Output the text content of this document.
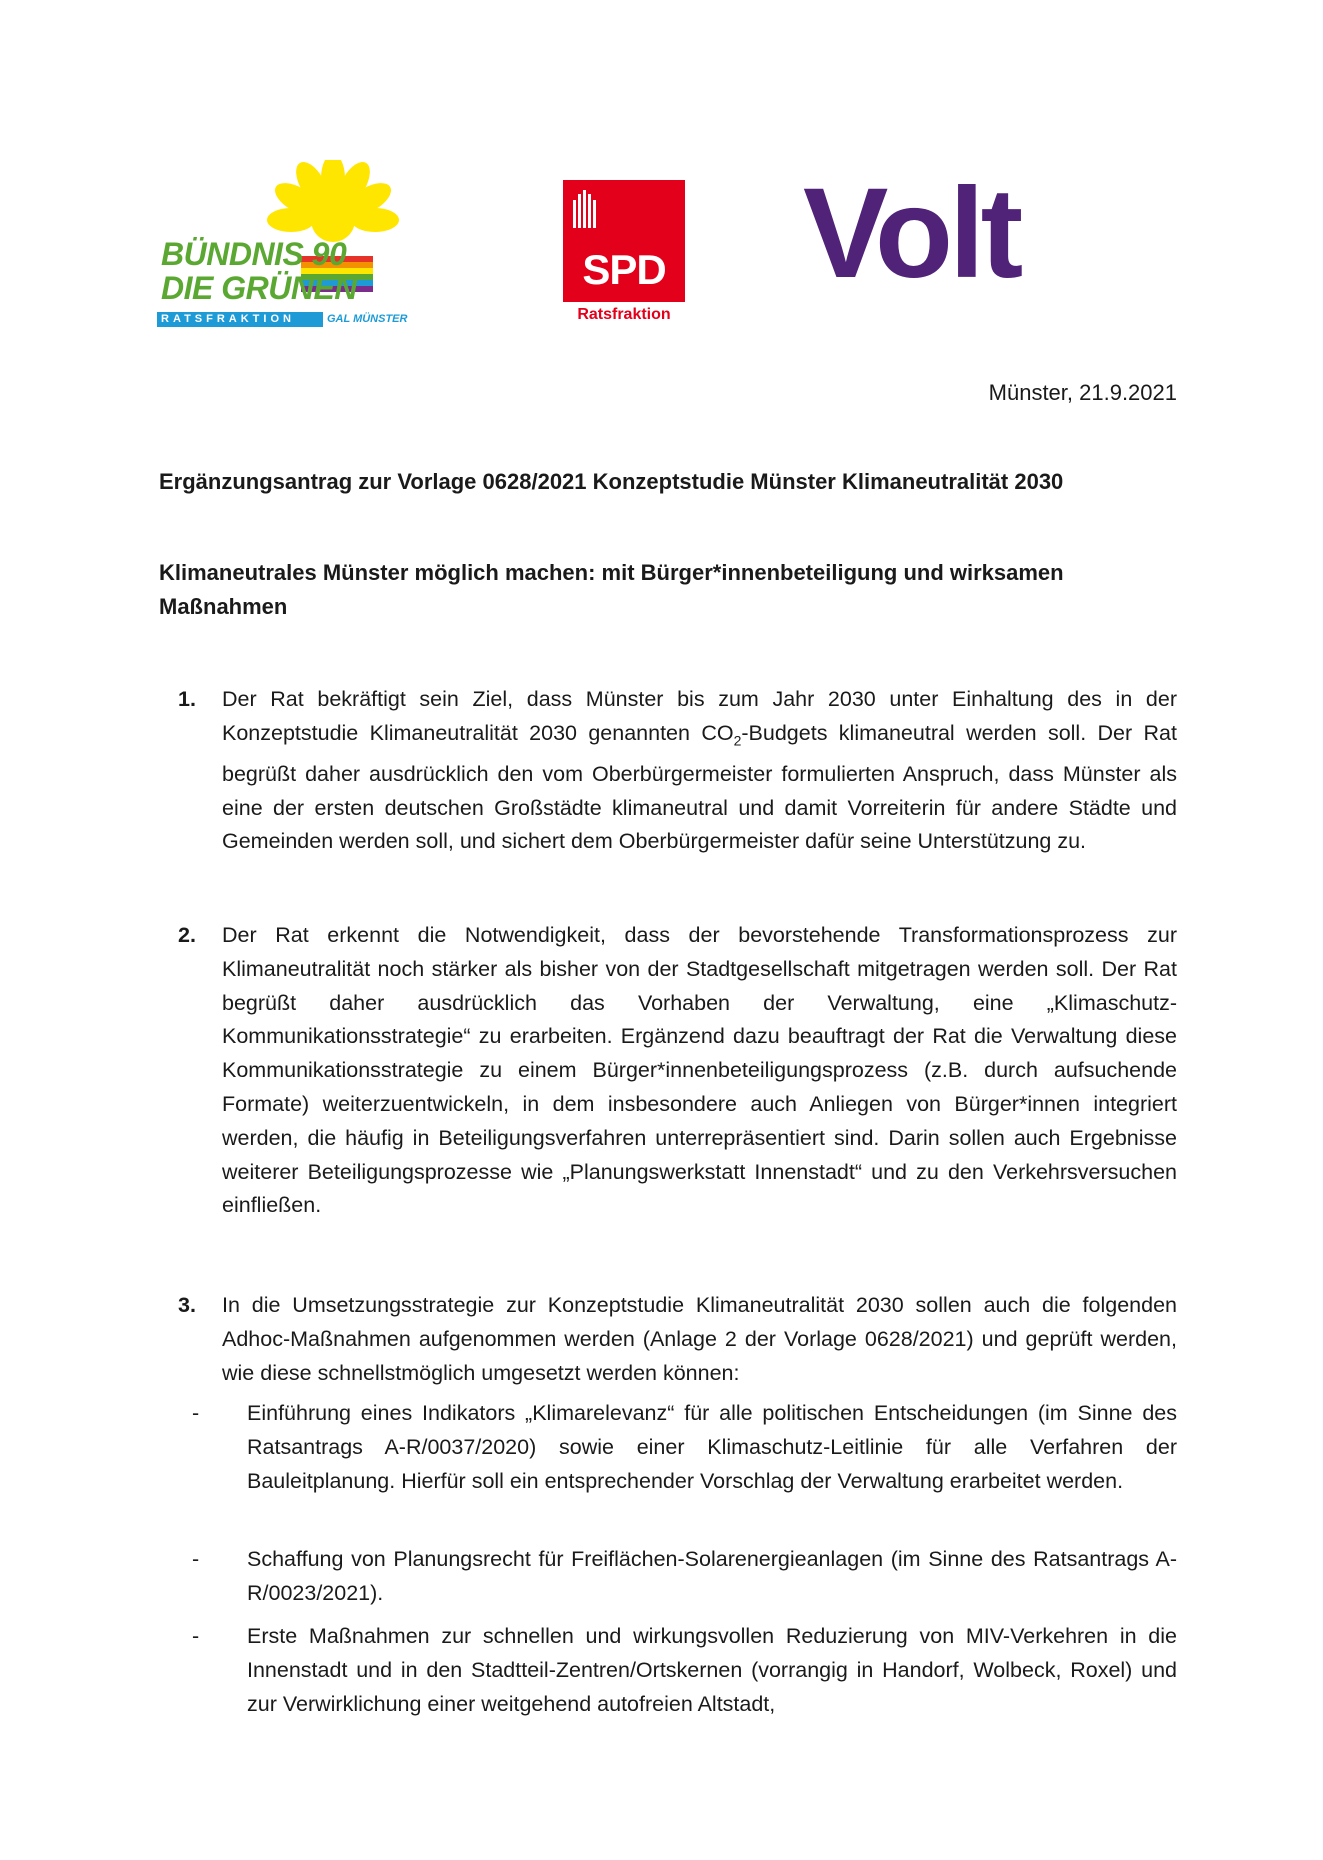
BÜNDNIS 90
DIE GRÜNEN
RATSFRAKTION	GAL MÜNSTER
SPD
Ratsfraktion
Volt
Münster, 21.9.2021
Ergänzungsantrag zur Vorlage 0628/2021 Konzeptstudie Münster Klimaneutralität 2030
Klimaneutrales Münster möglich machen: mit Bürger*innenbeteiligung und wirksamen Maßnahmen
1. Der Rat bekräftigt sein Ziel, dass Münster bis zum Jahr 2030 unter Einhaltung des in der Konzeptstudie Klimaneutralität 2030 genannten $CO_2$-Budgets klimaneutral werden soll. Der Rat begrüßt daher ausdrücklich den vom Oberbürgermeister formulierten Anspruch, dass Münster als eine der ersten deutschen Großstädte klimaneutral und damit Vorreiterin für andere Städte und Gemeinden werden soll, und sichert dem Oberbürgermeister dafür seine Unterstützung zu.
2. Der Rat erkennt die Notwendigkeit, dass der bevorstehende Transformationsprozess zur Klimaneutralität noch stärker als bisher von der Stadtgesellschaft mitgetragen werden soll. Der Rat begrüßt daher ausdrücklich das Vorhaben der Verwaltung, eine „Klimaschutz-Kommunikationsstrategie“ zu erarbeiten. Ergänzend dazu beauftragt der Rat die Verwaltung diese Kommunikationsstrategie zu einem Bürger*innenbeteiligungsprozess (z.B. durch aufsuchende Formate) weiterzuentwickeln, in dem insbesondere auch Anliegen von Bürger*innen integriert werden, die häufig in Beteiligungsverfahren unterrepräsentiert sind. Darin sollen auch Ergebnisse weiterer Beteiligungsprozesse wie „Planungswerkstatt Innenstadt“ und zu den Verkehrsversuchen einfließen.
3. In die Umsetzungsstrategie zur Konzeptstudie Klimaneutralität 2030 sollen auch die folgenden Adhoc-Maßnahmen aufgenommen werden (Anlage 2 der Vorlage 0628/2021) und geprüft werden, wie diese schnellstmöglich umgesetzt werden können:
- Einführung eines Indikators „Klimarelevanz“ für alle politischen Entscheidungen (im Sinne des Ratsantrags A-R/0037/2020) sowie einer Klimaschutz-Leitlinie für alle Verfahren der Bauleitplanung. Hierfür soll ein entsprechender Vorschlag der Verwaltung erarbeitet werden.
- Schaffung von Planungsrecht für Freiflächen-Solarenergieanlagen (im Sinne des Ratsantrags A-R/0023/2021).
- Erste Maßnahmen zur schnellen und wirkungsvollen Reduzierung von MIV-Verkehren in die Innenstadt und in den Stadtteil-Zentren/Ortskernen (vorrangig in Handorf, Wolbeck, Roxel) und zur Verwirklichung einer weitgehend autofreien Altstadt,
